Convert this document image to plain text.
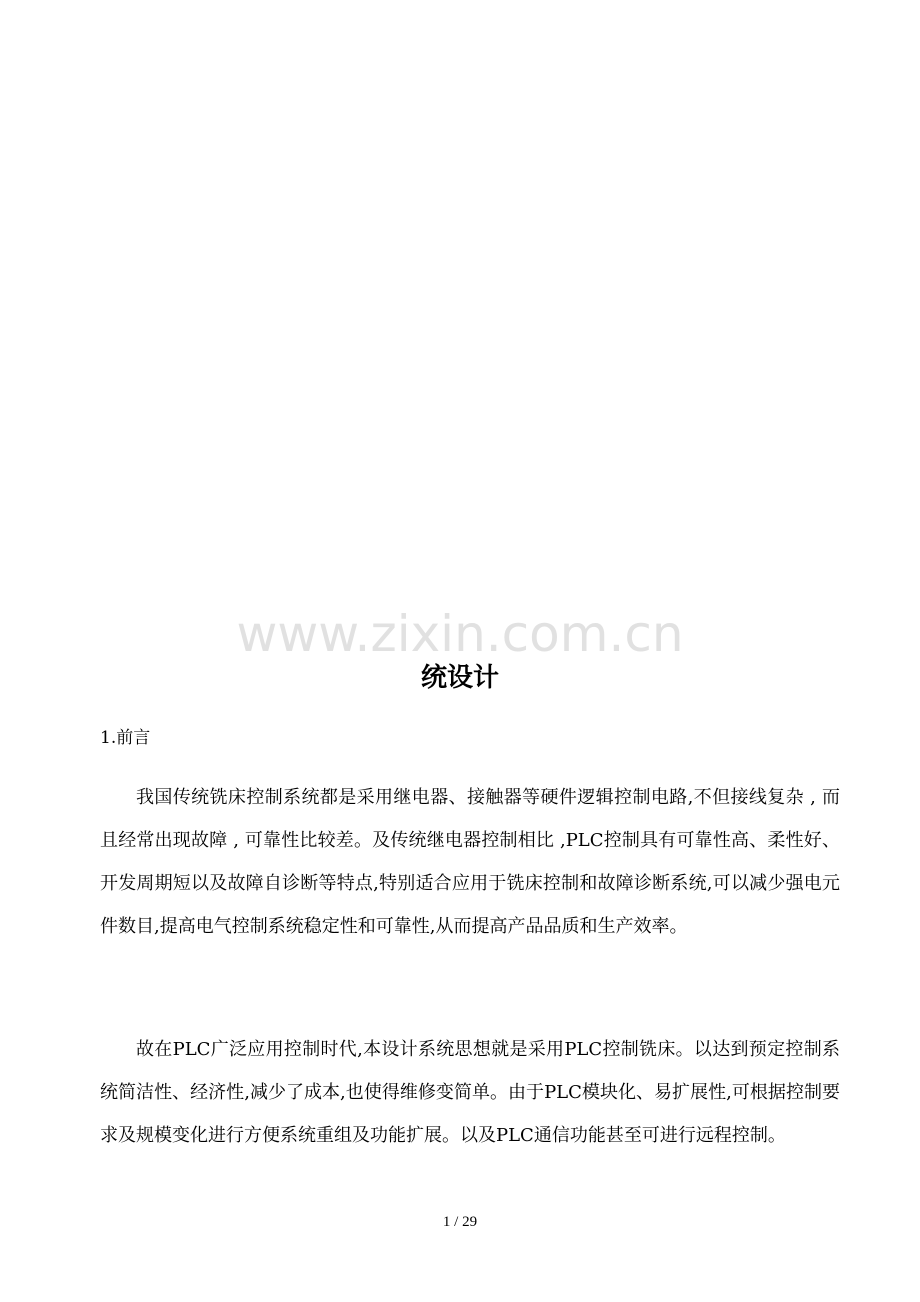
www.zixin.com.cn
统设计
1.前言

我国传统铣床控制系统都是采用继电器、接触器等硬件逻辑控制电路,不但接线复杂 , 而且经常出现故障 , 可靠性比较差。及传统继电器控制相比 ,PLC控制具有可靠性高、柔性好、开发周期短以及故障自诊断等特点,特别适合应用于铣床控制和故障诊断系统,可以减少强电元件数目,提高电气控制系统稳定性和可靠性,从而提高产品品质和生产效率。

故在PLC广泛应用控制时代,本设计系统思想就是采用PLC控制铣床。以达到预定控制系统简洁性、经济性,减少了成本,也使得维修变简单。由于PLC模块化、易扩展性,可根据控制要求及规模变化进行方便系统重组及功能扩展。以及PLC通信功能甚至可进行远程控制。

1 / 29
